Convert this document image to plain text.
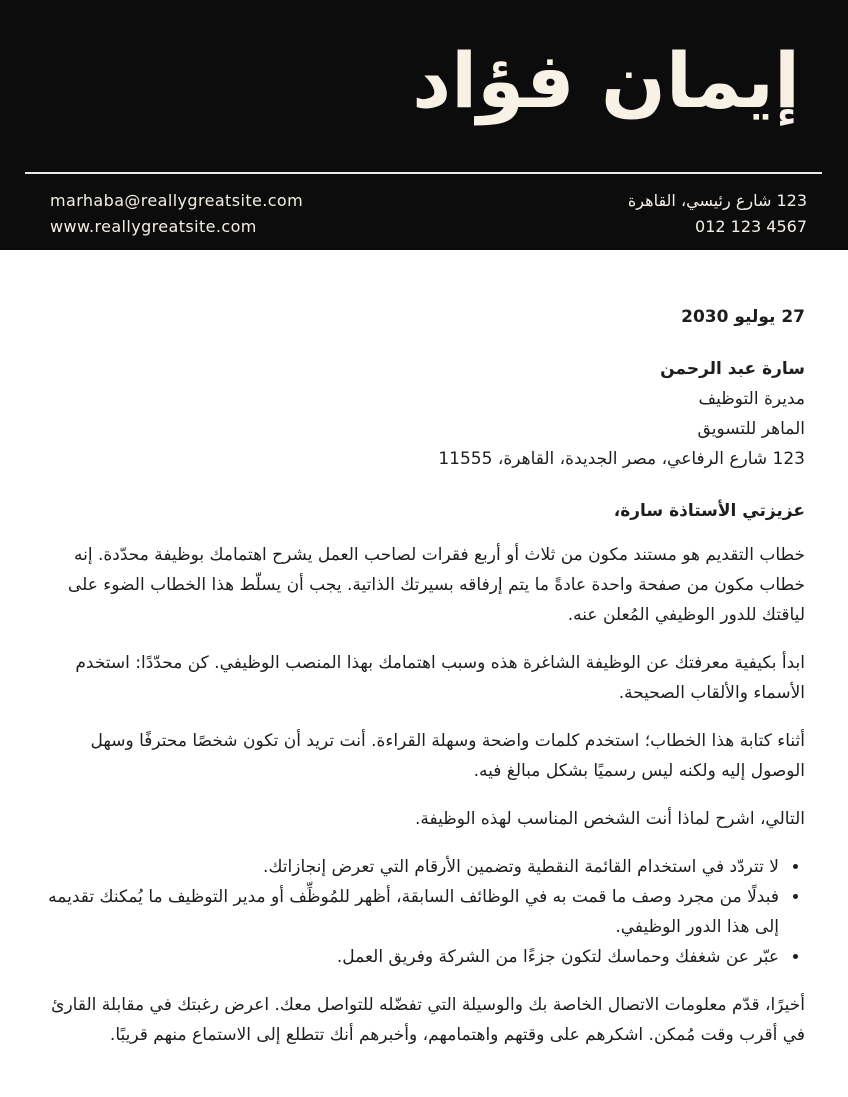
إيمان فؤاد
marhaba@reallygreatsite.com
www.reallygreatsite.com
123 شارع رئيسي، القاهرة
012 123 4567

27 يوليو 2030

سارة عبد الرحمن
مديرة التوظيف
الماهر للتسويق
123 شارع الرفاعي، مصر الجديدة، القاهرة، 11555

عزيزتي الأستاذة سارة،

خطاب التقديم هو مستند مكون من ثلاث أو أربع فقرات لصاحب العمل يشرح اهتمامك بوظيفة محدّدة. إنه خطاب مكون من صفحة واحدة عادةً ما يتم إرفاقه بسيرتك الذاتية. يجب أن يسلّط هذا الخطاب الضوء على لياقتك للدور الوظيفي المُعلن عنه.

ابدأ بكيفية معرفتك عن الوظيفة الشاغرة هذه وسبب اهتمامك بهذا المنصب الوظيفي. كن محدّدًا: استخدم الأسماء والألقاب الصحيحة.

أثناء كتابة هذا الخطاب؛ استخدم كلمات واضحة وسهلة القراءة. أنت تريد أن تكون شخصًا محترفًا وسهل الوصول إليه ولكنه ليس رسميًا بشكل مبالغ فيه.

التالي، اشرح لماذا أنت الشخص المناسب لهذه الوظيفة.

• لا تتردّد في استخدام القائمة النقطية وتضمين الأرقام التي تعرض إنجازاتك.
• فبدلًا من مجرد وصف ما قمت به في الوظائف السابقة، أظهر للمُوظِّف أو مدير التوظيف ما يُمكنك تقديمه إلى هذا الدور الوظيفي.
• عبّر عن شغفك وحماسك لتكون جزءًا من الشركة وفريق العمل.

أخيرًا، قدّم معلومات الاتصال الخاصة بك والوسيلة التي تفضّله للتواصل معك. اعرض رغبتك في مقابلة القارئ في أقرب وقت مُمكن. اشكرهم على وقتهم واهتمامهم، وأخبرهم أنك تتطلع إلى الاستماع منهم قريبًا.
